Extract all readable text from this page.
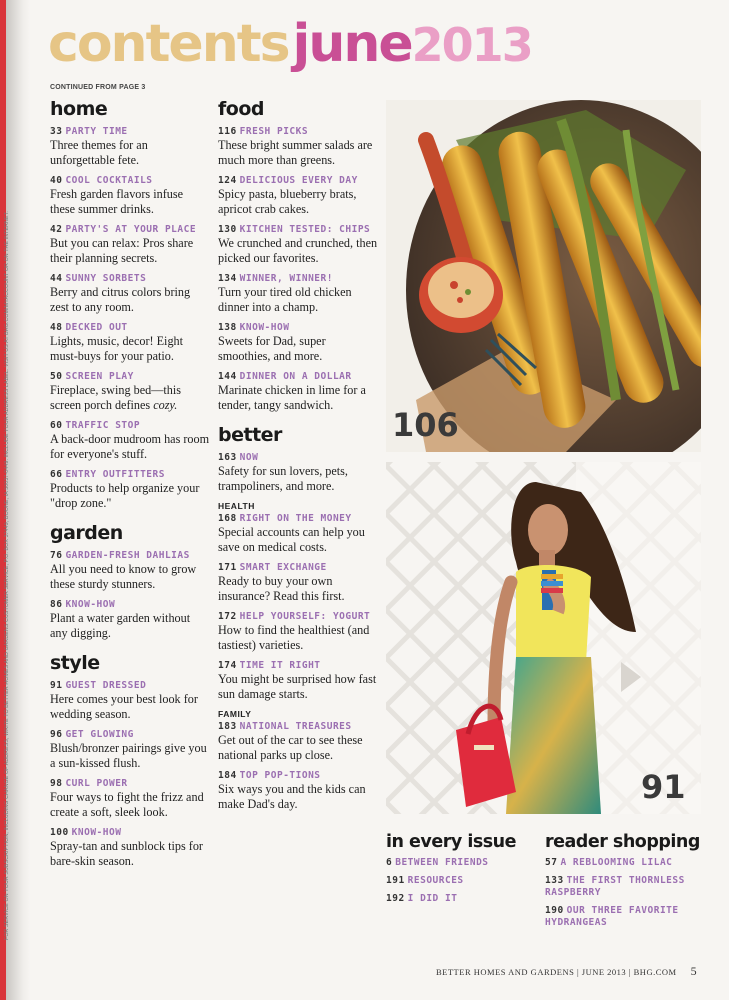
FOR SERVICE ON YOUR SUBSCRIPTION, INCLUDING CHANGE OF ADDRESS, WRITE TO BETTER HOMES AND GARDENS CUSTOMER SERVICE, P.O. BOX 37449, BOONE, IA 50037-0449. INCLUDE YOUR ADDRESS LABEL. VISIT US AT BHG.COM/MYACCOUNT OR ON THE INTERNET.
contentsjune2013
CONTINUED FROM PAGE 3
home
33 PARTY TIME
Three themes for an unforgettable fete.
40 COOL COCKTAILS
Fresh garden flavors infuse these summer drinks.
42 PARTY'S AT YOUR PLACE
But you can relax: Pros share their planning secrets.
44 SUNNY SORBETS
Berry and citrus colors bring zest to any room.
48 DECKED OUT
Lights, music, decor! Eight must-buys for your patio.
50 SCREEN PLAY
Fireplace, swing bed—this screen porch defines cozy.
60 TRAFFIC STOP
A back-door mudroom has room for everyone's stuff.
66 ENTRY OUTFITTERS
Products to help organize your "drop zone."
garden
76 GARDEN-FRESH DAHLIAS
All you need to know to grow these sturdy stunners.
86 KNOW-HOW
Plant a water garden without any digging.
style
91 GUEST DRESSED
Here comes your best look for wedding season.
96 GET GLOWING
Blush/bronzer pairings give you a sun-kissed flush.
98 CURL POWER
Four ways to fight the frizz and create a soft, sleek look.
100 KNOW-HOW
Spray-tan and sunblock tips for bare-skin season.
food
116 FRESH PICKS
These bright summer salads are much more than greens.
124 DELICIOUS EVERY DAY
Spicy pasta, blueberry brats, apricot crab cakes.
130 KITCHEN TESTED: CHIPS
We crunched and crunched, then picked our favorites.
134 WINNER, WINNER!
Turn your tired old chicken dinner into a champ.
138 KNOW-HOW
Sweets for Dad, super smoothies, and more.
144 DINNER ON A DOLLAR
Marinate chicken in lime for a tender, tangy sandwich.
better
163 NOW
Safety for sun lovers, pets, trampoliners, and more.
HEALTH
168 RIGHT ON THE MONEY
Special accounts can help you save on medical costs.
171 SMART EXCHANGE
Ready to buy your own insurance? Read this first.
172 HELP YOURSELF: YOGURT
How to find the healthiest (and tastiest) varieties.
174 TIME IT RIGHT
You might be surprised how fast sun damage starts.
FAMILY
183 NATIONAL TREASURES
Get out of the car to see these national parks up close.
184 TOP POP-TIONS
Six ways you and the kids can make Dad's day.
106
91
in every issue
6 BETWEEN FRIENDS
191 RESOURCES
192 I DID IT
reader shopping
57 A REBLOOMING LILAC
133 THE FIRST THORNLESS RASPBERRY
190 OUR THREE FAVORITE HYDRANGEAS
BETTER HOMES AND GARDENS | JUNE 2013 | BHG.COM 5
